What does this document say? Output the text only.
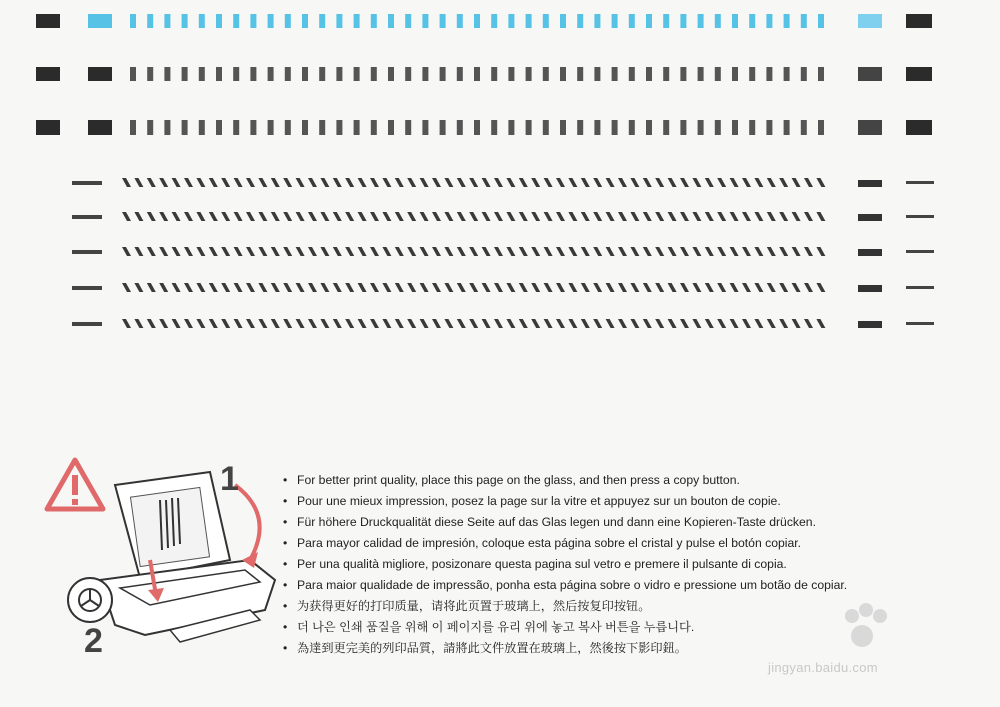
1
2
• For better print quality, place this page on the glass, and then press a copy button.
• Pour une mieux impression, posez la page sur la vitre et appuyez sur un bouton de copie.
• Für höhere Druckqualität diese Seite auf das Glas legen und dann eine Kopieren-Taste drücken.
• Para mayor calidad de impresión, coloque esta página sobre el cristal y pulse el botón copiar.
• Per una qualità migliore, posizonare questa pagina sul vetro e premere il pulsante di copia.
• Para maior qualidade de impressão, ponha esta página sobre o vidro e pressione um botão de copiar.
• 为获得更好的打印质量，请将此页置于玻璃上，然后按复印按钮。
• 더 나은 인쇄 품질을 위해 이 페이지를 유리 위에 놓고 복사 버튼을 누릅니다.
• 為達到更完美的列印品質，請將此文件放置在玻璃上，然後按下影印鈕。
jingyan.baidu.com
